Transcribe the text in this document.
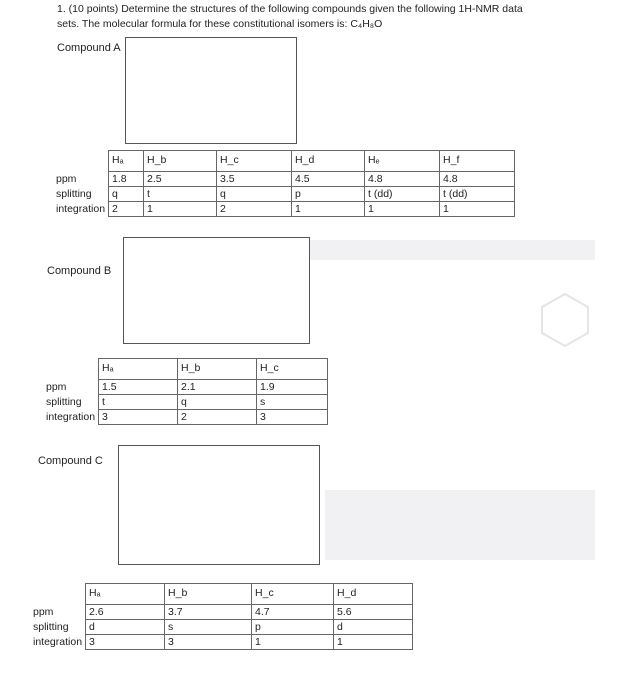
1. (10 points) Determine the structures of the following compounds given the following 1H-NMR data
sets. The molecular formula for these constitutional isomers is: C₄H₈O
Compound A
	Hₐ	H_b	H_c	H_d	Hₑ	H_f
ppm	1.8	2.5	3.5	4.5	4.8	4.8
splitting	q	t	q	p	t (dd)	t (dd)
integration	2	1	2	1	1	1
Compound B
	Hₐ	H_b	H_c
ppm	1.5	2.1	1.9
splitting	t	q	s
integration	3	2	3
Compound C
	Hₐ	H_b	H_c	H_d
ppm	2.6	3.7	4.7	5.6
splitting	d	s	p	d
integration	3	3	1	1
